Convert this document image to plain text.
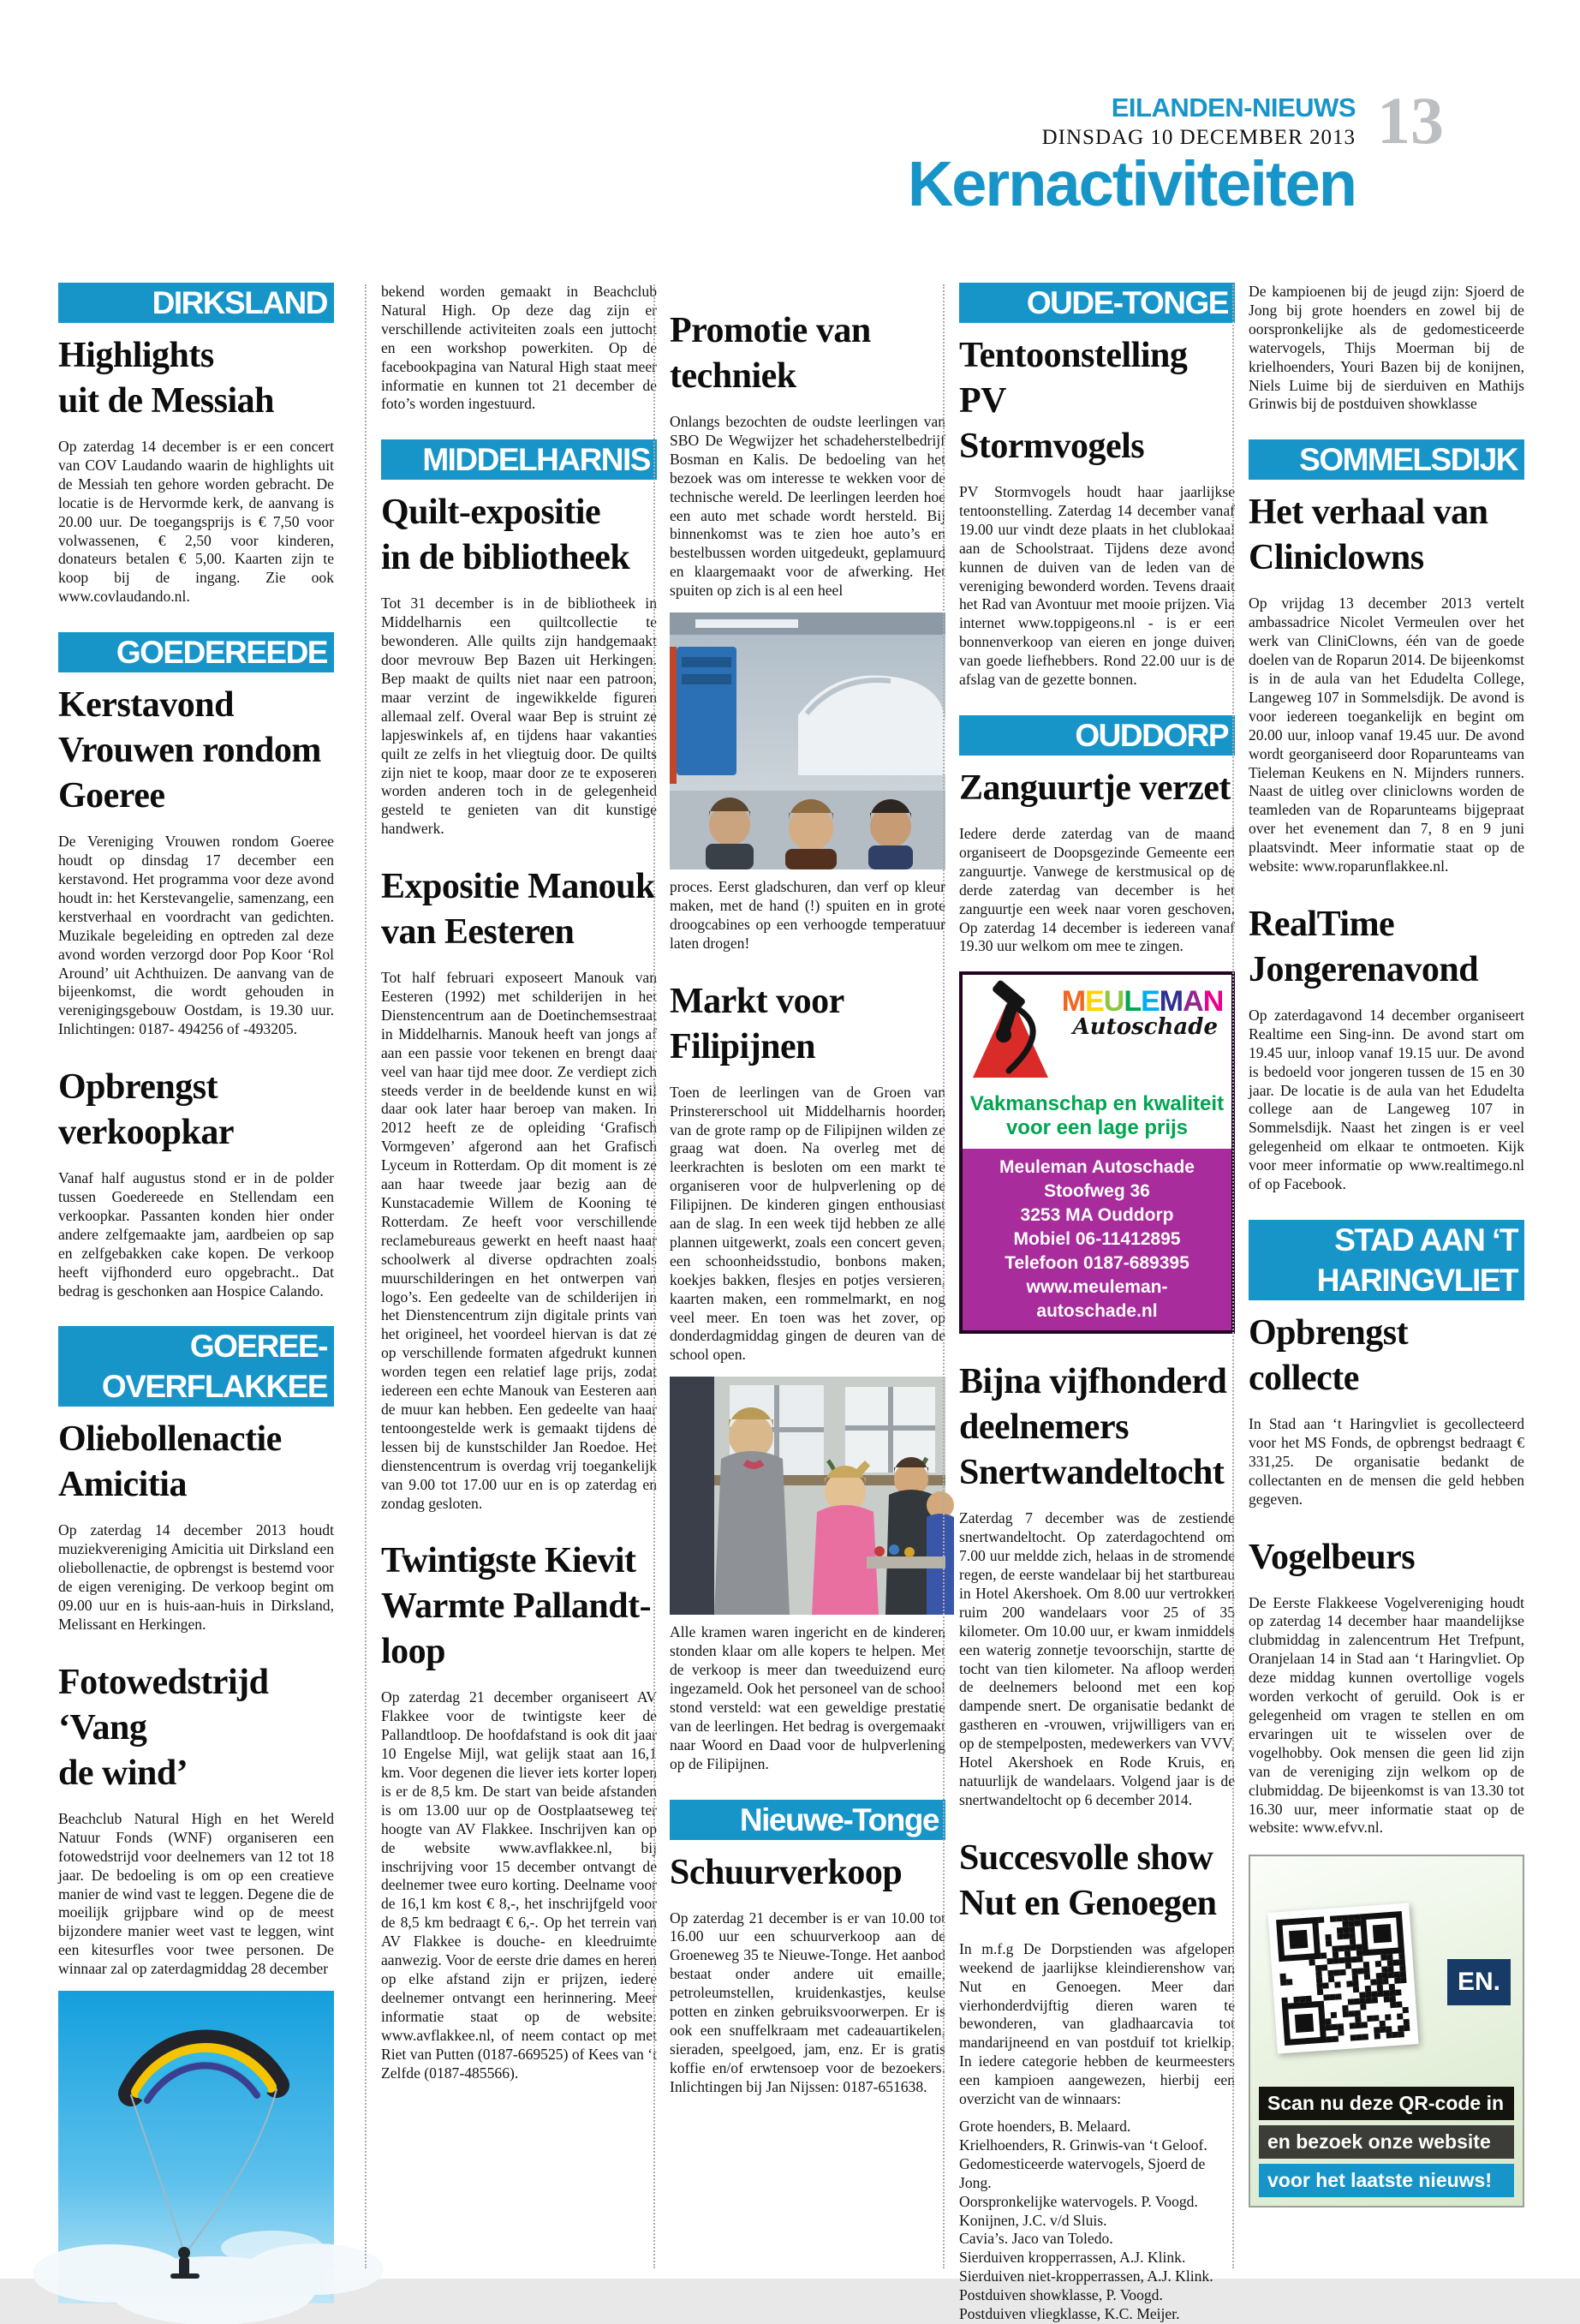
EILANDEN-NIEUWS
DINSDAG 10 DECEMBER 2013 13
Kernactiviteiten
DIRKSLAND
Highlights
uit de Messiah

Op zaterdag 14 december is er een concert van COV Laudando waarin de highlights uit de Messiah ten gehore worden gebracht. De locatie is de Hervormde kerk, de aanvang is 20.00 uur. De toegangsprijs is € 7,50 voor volwassenen, € 2,50 voor kinderen, donateurs betalen € 5,00. Kaarten zijn te koop bij de ingang. Zie ook www.covlaudando.nl.

GOEDEREEDE
Kerstavond
Vrouwen rondom
Goeree

De Vereniging Vrouwen rondom Goeree houdt op dinsdag 17 december een kerstavond. Het programma voor deze avond houdt in: het Kerstevangelie, samenzang, een kerstverhaal en voordracht van gedichten. Muzikale begeleiding en optreden zal deze avond worden verzorgd door Pop Koor ‘Rol Around’ uit Achthuizen. De aanvang van de bijeenkomst, die wordt gehouden in verenigingsgebouw Oostdam, is 19.30 uur. Inlichtingen: 0187- 494256 of -493205.

Opbrengst
verkoopkar

Vanaf half augustus stond er in de polder tussen Goedereede en Stellendam een verkoopkar. Passanten konden hier onder andere zelfgemaakte jam, aardbeien op sap en zelfgebakken cake kopen. De verkoop heeft vijfhonderd euro opgebracht.. Dat bedrag is geschonken aan Hospice Calando.

GOEREE-
OVERFLAKKEE
Oliebollenactie
Amicitia

Op zaterdag 14 december 2013 houdt muziekvereniging Amicitia uit Dirksland een oliebollenactie, de opbrengst is bestemd voor de eigen vereniging. De verkoop begint om 09.00 uur en is huis-aan-huis in Dirksland, Melissant en Herkingen.

Fotowedstrijd ‘Vang
de wind’

Beachclub Natural High en het Wereld Natuur Fonds (WNF) organiseren een fotowedstrijd voor deelnemers van 12 tot 18 jaar. De bedoeling is om op een creatieve manier de wind vast te leggen. Degene die de moeilijk grijpbare wind op de meest bijzondere manier weet vast te leggen, wint een kitesurfles voor twee personen. De winnaar zal op zaterdagmiddag 28 december

bekend worden gemaakt in Beachclub Natural High. Op deze dag zijn er verschillende activiteiten zoals een juttocht en een workshop powerkiten. Op de facebookpagina van Natural High staat meer informatie en kunnen tot 21 december de foto’s worden ingestuurd.

MIDDELHARNIS
Quilt-expositie
in de bibliotheek

Tot 31 december is in de bibliotheek in Middelharnis een quiltcollectie te bewonderen. Alle quilts zijn handgemaakt door mevrouw Bep Bazen uit Herkingen. Bep maakt de quilts niet naar een patroon, maar verzint de ingewikkelde figuren allemaal zelf. Overal waar Bep is struint ze lapjeswinkels af, en tijdens haar vakanties quilt ze zelfs in het vliegtuig door. De quilts zijn niet te koop, maar door ze te exposeren worden anderen toch in de gelegenheid gesteld te genieten van dit kunstige handwerk.

Expositie Manouk
van Eesteren

Tot half februari exposeert Manouk van Eesteren (1992) met schilderijen in het Dienstencentrum aan de Doetinchemsestraat in Middelharnis. Manouk heeft van jongs af aan een passie voor tekenen en brengt daar veel van haar tijd mee door. Ze verdiept zich steeds verder in de beeldende kunst en wil daar ook later haar beroep van maken. In 2012 heeft ze de opleiding ‘Grafisch Vormgeven’ afgerond aan het Grafisch Lyceum in Rotterdam. Op dit moment is ze aan haar tweede jaar bezig aan de Kunstacademie Willem de Kooning te Rotterdam. Ze heeft voor verschillende reclamebureaus gewerkt en heeft naast haar schoolwerk al diverse opdrachten zoals muurschilderingen en het ontwerpen van logo’s. Een gedeelte van de schilderijen in het Dienstencentrum zijn digitale prints van het origineel, het voordeel hiervan is dat ze op verschillende formaten afgedrukt kunnen worden tegen een relatief lage prijs, zodat iedereen een echte Manouk van Eesteren aan de muur kan hebben. Een gedeelte van haar tentoongestelde werk is gemaakt tijdens de lessen bij de kunstschilder Jan Roedoe. Het dienstencentrum is overdag vrij toegankelijk van 9.00 tot 17.00 uur en is op zaterdag en zondag gesloten.

Twintigste Kievit
Warmte Pallandt-
loop

Op zaterdag 21 december organiseert AV Flakkee voor de twintigste keer de Pallandtloop. De hoofdafstand is ook dit jaar 10 Engelse Mijl, wat gelijk staat aan 16,1 km. Voor degenen die liever iets korter lopen is er de 8,5 km. De start van beide afstanden is om 13.00 uur op de Oostplaatseweg ter hoogte van AV Flakkee. Inschrijven kan op de website www.avflakkee.nl, bij inschrijving voor 15 december ontvangt de deelnemer twee euro korting. Deelname voor de 16,1 km kost € 8,-, het inschrijfgeld voor de 8,5 km bedraagt € 6,-. Op het terrein van AV Flakkee is douche- en kleedruimte aanwezig. Voor de eerste drie dames en heren op elke afstand zijn er prijzen, iedere deelnemer ontvangt een herinnering. Meer informatie staat op de website: www.avflakkee.nl, of neem contact op met Riet van Putten (0187-669525) of Kees van ‘t Zelfde (0187-485566).

Promotie van
techniek

Onlangs bezochten de oudste leerlingen van SBO De Wegwijzer het schadeherstelbedrijf Bosman en Kalis. De bedoeling van het bezoek was om interesse te wekken voor de technische wereld. De leerlingen leerden hoe een auto met schade wordt hersteld. Bij binnenkomst was te zien hoe auto’s en bestelbussen worden uitgedeukt, geplamuurd en klaargemaakt voor de afwerking. Het spuiten op zich is al een heel

proces. Eerst gladschuren, dan verf op kleur maken, met de hand (!) spuiten en in grote droogcabines op een verhoogde temperatuur laten drogen!

Markt voor
Filipijnen

Toen de leerlingen van de Groen van Prinstererschool uit Middelharnis hoorden van de grote ramp op de Filipijnen wilden ze graag wat doen. Na overleg met de leerkrachten is besloten om een markt te organiseren voor de hulpverlening op de Filipijnen. De kinderen gingen enthousiast aan de slag. In een week tijd hebben ze alle plannen uitgewerkt, zoals een concert geven, een schoonheidsstudio, bonbons maken, koekjes bakken, flesjes en potjes versieren, kaarten maken, een rommelmarkt, en nog veel meer. En toen was het zover, op donderdagmiddag gingen de deuren van de school open.

Alle kramen waren ingericht en de kinderen stonden klaar om alle kopers te helpen. Met de verkoop is meer dan tweeduizend euro ingezameld. Ook het personeel van de school stond versteld: wat een geweldige prestatie van de leerlingen. Het bedrag is overgemaakt naar Woord en Daad voor de hulpverlening op de Filipijnen.

Nieuwe-Tonge
Schuurverkoop

Op zaterdag 21 december is er van 10.00 tot 16.00 uur een schuurverkoop aan de Groeneweg 35 te Nieuwe-Tonge. Het aanbod bestaat onder andere uit emaille, petroleumstellen, kruidenkastjes, keulse potten en zinken gebruiksvoorwerpen. Er is ook een snuffelkraam met cadeauartikelen, sieraden, speelgoed, jam, enz. Er is gratis koffie en/of erwtensoep voor de bezoekers. Inlichtingen bij Jan Nijssen: 0187-651638.

OUDE-TONGE
Tentoonstelling PV
Stormvogels

PV Stormvogels houdt haar jaarlijkse tentoonstelling. Zaterdag 14 december vanaf 19.00 uur vindt deze plaats in het clublokaal aan de Schoolstraat. Tijdens deze avond kunnen de duiven van de leden van de vereniging bewonderd worden. Tevens draait het Rad van Avontuur met mooie prijzen. Via internet www.toppigeons.nl - is er een bonnenverkoop van eieren en jonge duiven van goede liefhebbers. Rond 22.00 uur is de afslag van de gezette bonnen.

OUDDORP
Zanguurtje verzet

Iedere derde zaterdag van de maand organiseert de Doopsgezinde Gemeente een zanguurtje. Vanwege de kerstmusical op de derde zaterdag van december is het zanguurtje een week naar voren geschoven. Op zaterdag 14 december is iedereen vanaf 19.30 uur welkom om mee te zingen.

MEULEMAN
Autoschade
Vakmanschap en kwaliteit
voor een lage prijs
Meuleman Autoschade
Stoofweg 36
3253 MA Ouddorp
Mobiel 06-11412895
Telefoon 0187-689395
www.meuleman-autoschade.nl
Bijna vijfhonderd
deelnemers
Snertwandeltocht

Zaterdag 7 december was de zestiende snertwandeltocht. Op zaterdagochtend om 7.00 uur meldde zich, helaas in de stromende regen, de eerste wandelaar bij het startbureau in Hotel Akershoek. Om 8.00 uur vertrokken ruim 200 wandelaars voor 25 of 35 kilometer. Om 10.00 uur, er kwam inmiddels een waterig zonnetje tevoorschijn, startte de tocht van tien kilometer. Na afloop werden de deelnemers beloond met een kop dampende snert. De organisatie bedankt de gastheren en -vrouwen, vrijwilligers van en op de stempelposten, medewerkers van VVV, Hotel Akershoek en Rode Kruis, en natuurlijk de wandelaars. Volgend jaar is de snertwandeltocht op 6 december 2014.

Succesvolle show
Nut en Genoegen

In m.f.g De Dorpstienden was afgelopen weekend de jaarlijkse kleindierenshow van Nut en Genoegen. Meer dan vierhonderdvijftig dieren waren te bewonderen, van gladhaarcavia tot mandarijneend en van postduif tot krielkip. In iedere categorie hebben de keurmeesters een kampioen aangewezen, hierbij een overzicht van de winnaars:

Grote hoenders, B. Melaard.
Krielhoenders, R. Grinwis-van ‘t Geloof.
Gedomesticeerde watervogels, Sjoerd de Jong.
Oorspronkelijke watervogels. P. Voogd.
Konijnen, J.C. v/d Sluis.
Cavia’s. Jaco van Toledo.
Sierduiven kropperrassen, A.J. Klink.
Sierduiven niet-kropperrassen, A.J. Klink.
Postduiven showklasse, P. Voogd.
Postduiven vliegklasse, K.C. Meijer.

De kampioenen bij de jeugd zijn: Sjoerd de Jong bij grote hoenders en zowel bij de oorspronkelijke als de gedomesticeerde watervogels, Thijs Moerman bij de krielhoenders, Youri Bazen bij de konijnen, Niels Luime bij de sierduiven en Mathijs Grinwis bij de postduiven showklasse

SOMMELSDIJK
Het verhaal van
Cliniclowns

Op vrijdag 13 december 2013 vertelt ambassadrice Nicolet Vermeulen over het werk van CliniClowns, één van de goede doelen van de Roparun 2014. De bijeenkomst is in de aula van het Edudelta College, Langeweg 107 in Sommelsdijk. De avond is voor iedereen toegankelijk en begint om 20.00 uur, inloop vanaf 19.45 uur. De avond wordt georganiseerd door Roparunteams van Tieleman Keukens en N. Mijnders runners. Naast de uitleg over cliniclowns worden de teamleden van de Roparunteams bijgepraat over het evenement dan 7, 8 en 9 juni plaatsvindt. Meer informatie staat op de website: www.roparunflakkee.nl.

RealTime
Jongerenavond

Op zaterdagavond 14 december organiseert Realtime een Sing-inn. De avond start om 19.45 uur, inloop vanaf 19.15 uur. De avond is bedoeld voor jongeren tussen de 15 en 30 jaar. De locatie is de aula van het Edudelta college aan de Langeweg 107 in Sommelsdijk. Naast het zingen is er veel gelegenheid om elkaar te ontmoeten. Kijk voor meer informatie op www.realtimego.nl of op Facebook.

STAD AAN ‘T
HARINGVLIET
Opbrengst collecte

In Stad aan ‘t Haringvliet is gecollecteerd voor het MS Fonds, de opbrengst bedraagt € 331,25. De organisatie bedankt de collectanten en de mensen die geld hebben gegeven.

Vogelbeurs

De Eerste Flakkeese Vogelvereniging houdt op zaterdag 14 december haar maandelijkse clubmiddag in zalencentrum Het Trefpunt, Oranjelaan 14 in Stad aan ‘t Haringvliet. Op deze middag kunnen overtollige vogels worden verkocht of geruild. Ook is er gelegenheid om vragen te stellen en om ervaringen uit te wisselen over de vogelhobby. Ook mensen die geen lid zijn van de vereniging zijn welkom op de clubmiddag. De bijeenkomst is van 13.30 tot 16.30 uur, meer informatie staat op de website: www.efvv.nl.

EN.
Scan nu deze QR-code in
en bezoek onze website
voor het laatste nieuws!
